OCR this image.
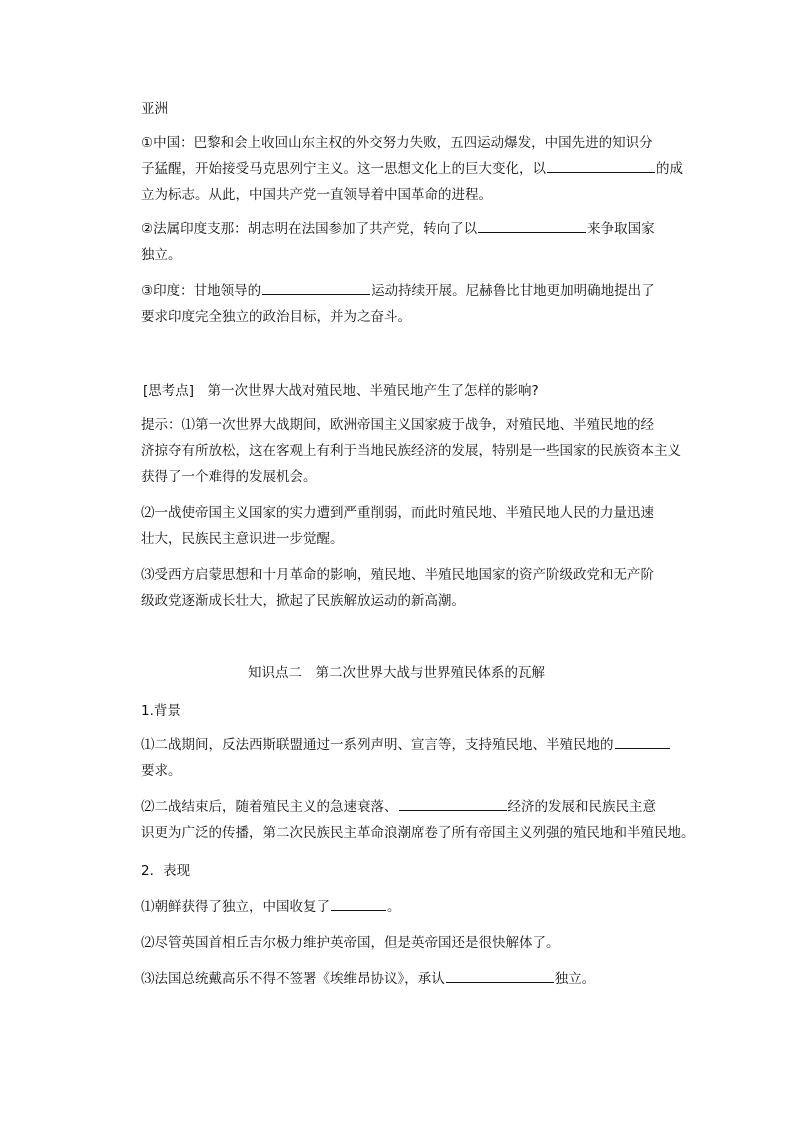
亚洲

①中国：巴黎和会上收回山东主权的外交努力失败，五四运动爆发，中国先进的知识分
子猛醒，开始接受马克思列宁主义。这一思想文化上的巨大变化，以	的成
立为标志。从此，中国共产党一直领导着中国革命的进程。

②法属印度支那：胡志明在法国参加了共产党，转向了以	来争取国家
独立。

③印度：甘地领导的	运动持续开展。尼赫鲁比甘地更加明确地提出了
要求印度完全独立的政治目标，并为之奋斗。

[思考点]　第一次世界大战对殖民地、半殖民地产生了怎样的影响?

提示：⑴第一次世界大战期间，欧洲帝国主义国家疲于战争，对殖民地、半殖民地的经
济掠夺有所放松，这在客观上有利于当地民族经济的发展，特别是一些国家的民族资本主义
获得了一个难得的发展机会。

⑵一战使帝国主义国家的实力遭到严重削弱，而此时殖民地、半殖民地人民的力量迅速
壮大，民族民主意识进一步觉醒。

⑶受西方启蒙思想和十月革命的影响，殖民地、半殖民地国家的资产阶级政党和无产阶
级政党逐渐成长壮大，掀起了民族解放运动的新高潮。

知识点二　第二次世界大战与世界殖民体系的瓦解

1.背景

⑴二战期间，反法西斯联盟通过一系列声明、宣言等，支持殖民地、半殖民地的
要求。

⑵二战结束后，随着殖民主义的急速衰落、	经济的发展和民族民主意
识更为广泛的传播，第二次民族民主革命浪潮席卷了所有帝国主义列强的殖民地和半殖民地。

2．表现

⑴朝鲜获得了独立，中国收复了	。

⑵尽管英国首相丘吉尔极力维护英帝国，但是英帝国还是很快解体了。

⑶法国总统戴高乐不得不签署《埃维昂协议》，承认	独立。
